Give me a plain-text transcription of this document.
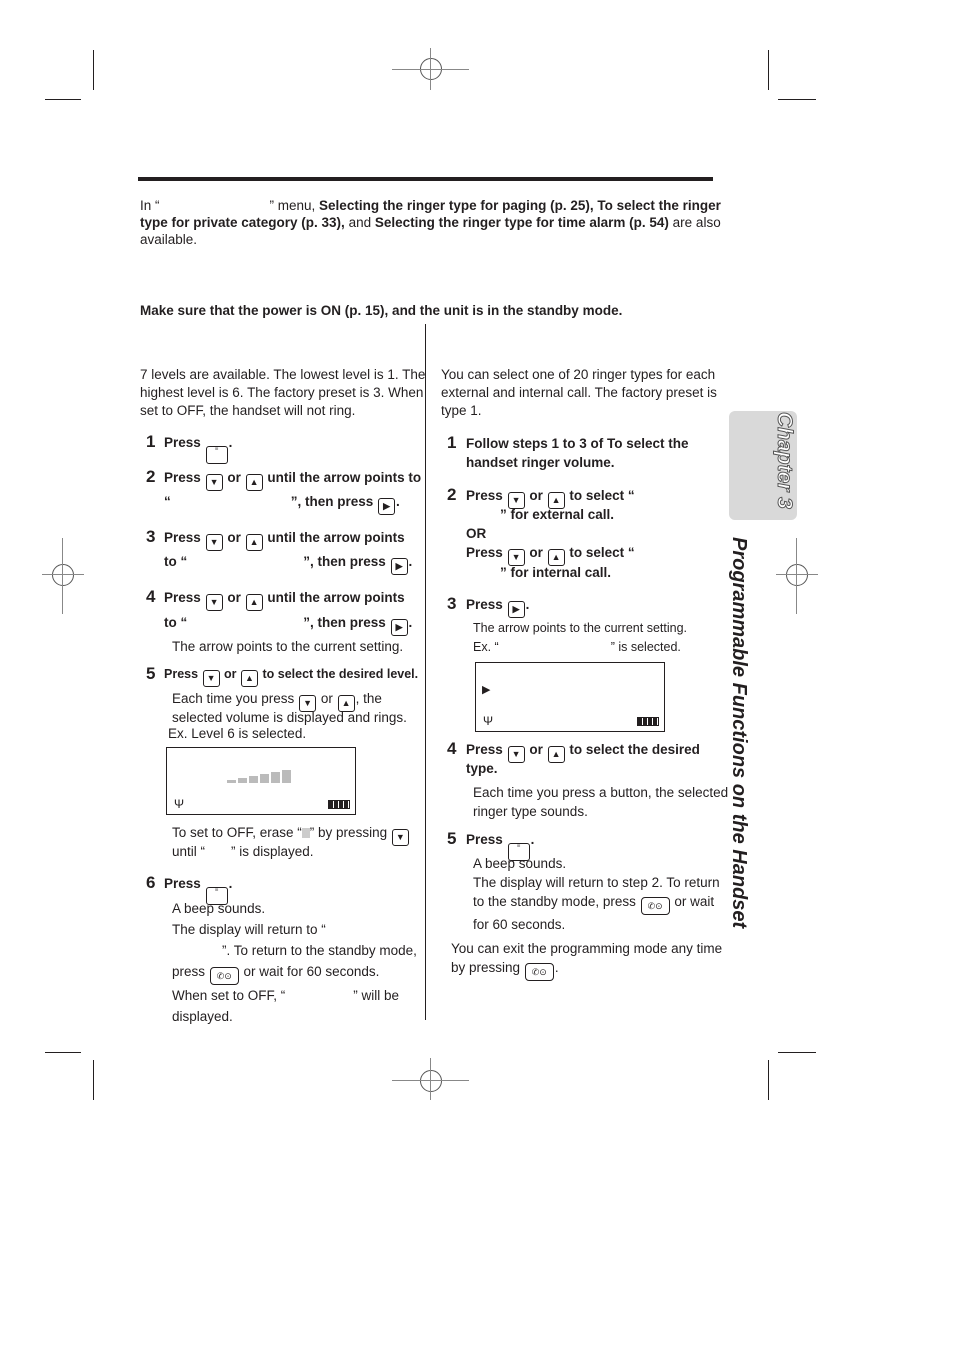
In “	” menu, Selecting the ringer type for paging (p. 25), To select the ringer
type for private category (p. 33), and Selecting the ringer type for time alarm (p. 54) are also
available.
Make sure that the power is ON (p. 15), and the unit is in the standby mode.
7 levels are available. The lowest level is 1. The
highest level is 6. The factory preset is 3. When
set to OFF, the handset will not ring.
1 Press ≡ .
2 Press ▼ or ▲ until the arrow points to
“	”, then press ▶ .
3 Press ▼ or ▲ until the arrow points
to “	”, then press ▶ .
4 Press ▼ or ▲ until the arrow points
to “	”, then press ▶ .
The arrow points to the current setting.
5 Press ▼ or ▲ to select the desired level.
Each time you press ▼ or ▲ , the
selected volume is displayed and rings.
Ex. Level 6 is selected.
Ψ
To set to OFF, erase “ ” by pressing ▼
until “ ” is displayed.
6 Press ≡ .
A beep sounds.
The display will return to “
”. To return to the standby mode,
press ✆⊙ or wait for 60 seconds.
When set to OFF, “	” will be
displayed.
You can select one of 20 ringer types for each
external and internal call. The factory preset is
type 1.
1 Follow steps 1 to 3 of To select the
handset ringer volume.
2 Press ▼ or ▲ to select “
” for external call.
OR
Press ▼ or ▲ to select “
” for internal call.
3 Press ▶ .
The arrow points to the current setting.
Ex. “	” is selected.
▶
Ψ
4 Press ▼ or ▲ to select the desired
type.
Each time you press a button, the selected
ringer type sounds.
5 Press ≡ .
A beep sounds.
The display will return to step 2. To return
to the standby mode, press ✆⊙ or wait
for 60 seconds.
You can exit the programming mode any time
by pressing ✆⊙ .
Chapter 3
Programmable Functions on the Handset
